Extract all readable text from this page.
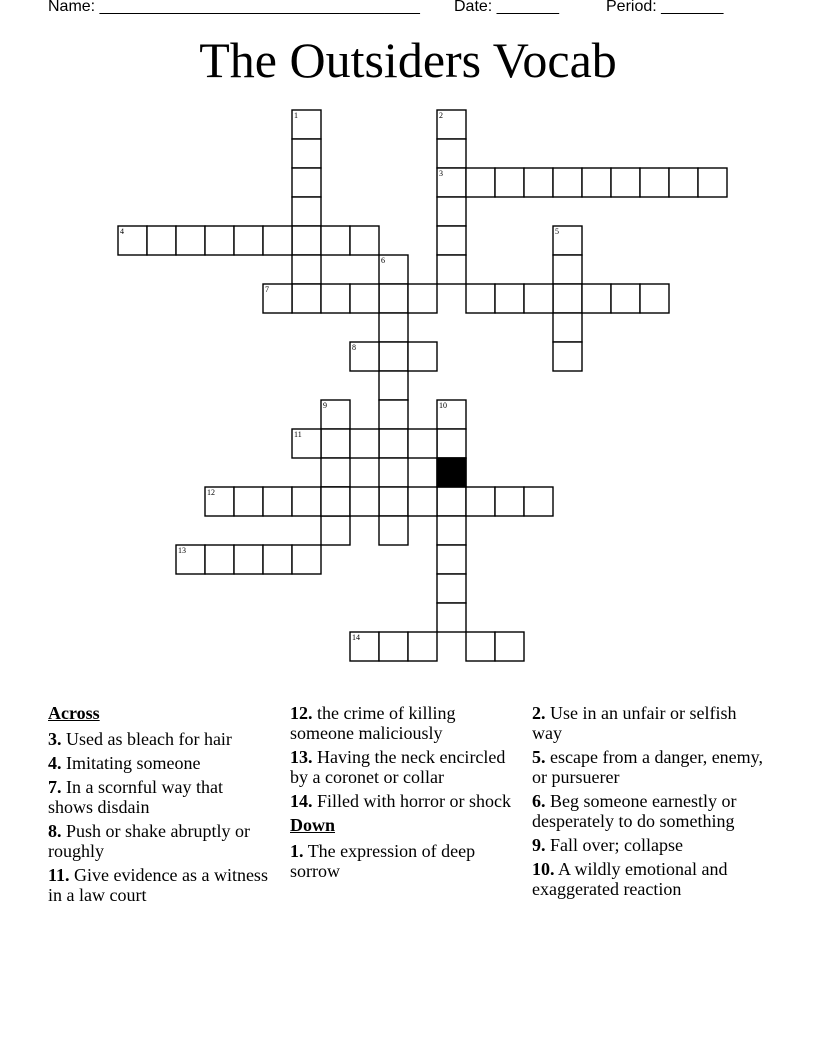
Name: ____________________________________ Date: _______	Period: _______
The Outsiders Vocab
1	2
3
4	5
6
7
8
9	10
11
12
13
14
Across
3. Used as bleach for hair
4. Imitating someone
7. In a scornful way that shows disdain
8. Push or shake abruptly or roughly
11. Give evidence as a witness in a law court
12. the crime of killing someone maliciously
13. Having the neck encircled by a coronet or collar
14. Filled with horror or shock
Down
1. The expression of deep sorrow
2. Use in an unfair or selfish way
5. escape from a danger, enemy, or pursuerer
6. Beg someone earnestly or desperately to do something
9. Fall over; collapse
10. A wildly emotional and exaggerated reaction
